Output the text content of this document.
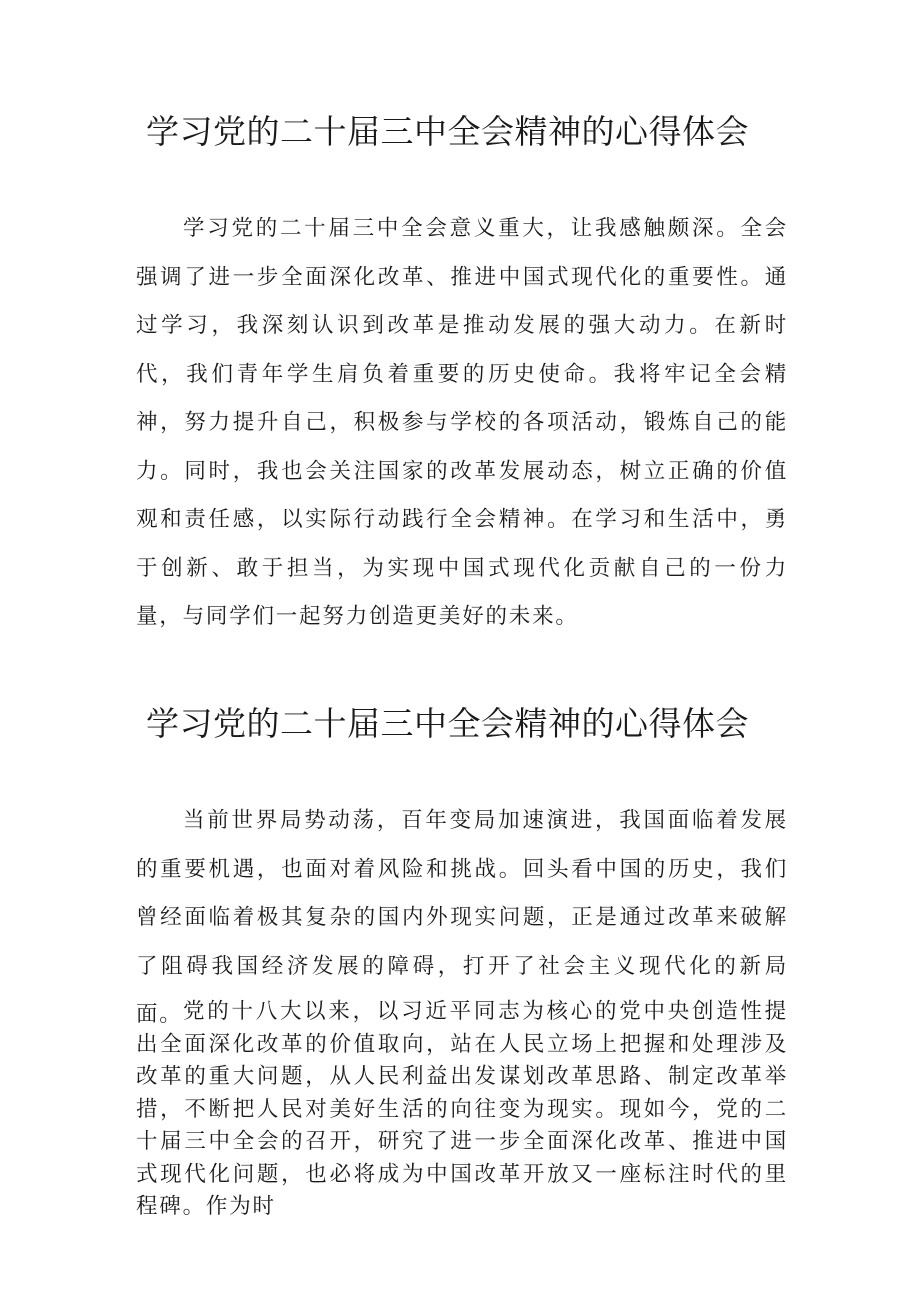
学习党的二十届三中全会精神的心得体会

学习党的二十届三中全会意义重大，让我感触颇深。全会强调了进一步全面深化改革、推进中国式现代化的重要性。通过学习，我深刻认识到改革是推动发展的强大动力。在新时代，我们青年学生肩负着重要的历史使命。我将牢记全会精神，努力提升自己，积极参与学校的各项活动，锻炼自己的能力。同时，我也会关注国家的改革发展动态，树立正确的价值观和责任感，以实际行动践行全会精神。在学习和生活中，勇于创新、敢于担当，为实现中国式现代化贡献自己的一份力量，与同学们一起努力创造更美好的未来。

学习党的二十届三中全会精神的心得体会

当前世界局势动荡，百年变局加速演进，我国面临着发展的重要机遇，也面对着风险和挑战。回头看中国的历史，我们曾经面临着极其复杂的国内外现实问题，正是通过改革来破解了阻碍我国经济发展的障碍，打开了社会主义现代化的新局面。 党的十八大以来，以习近平同志为核心的党中央创造性提出全面深化改革的价值取向，站在人民立场上把握和处理涉及改革的重大问题，从人民利益出发谋划改革思路、制定改革举措，不断把人民对美好生活的向往变为现实。现如今，党的二十届三中全会的召开，研究了进一步全面深化改革、推进中国式现代化问题，也必将成为中国改革开放又一座标注时代的里程碑。作为时
